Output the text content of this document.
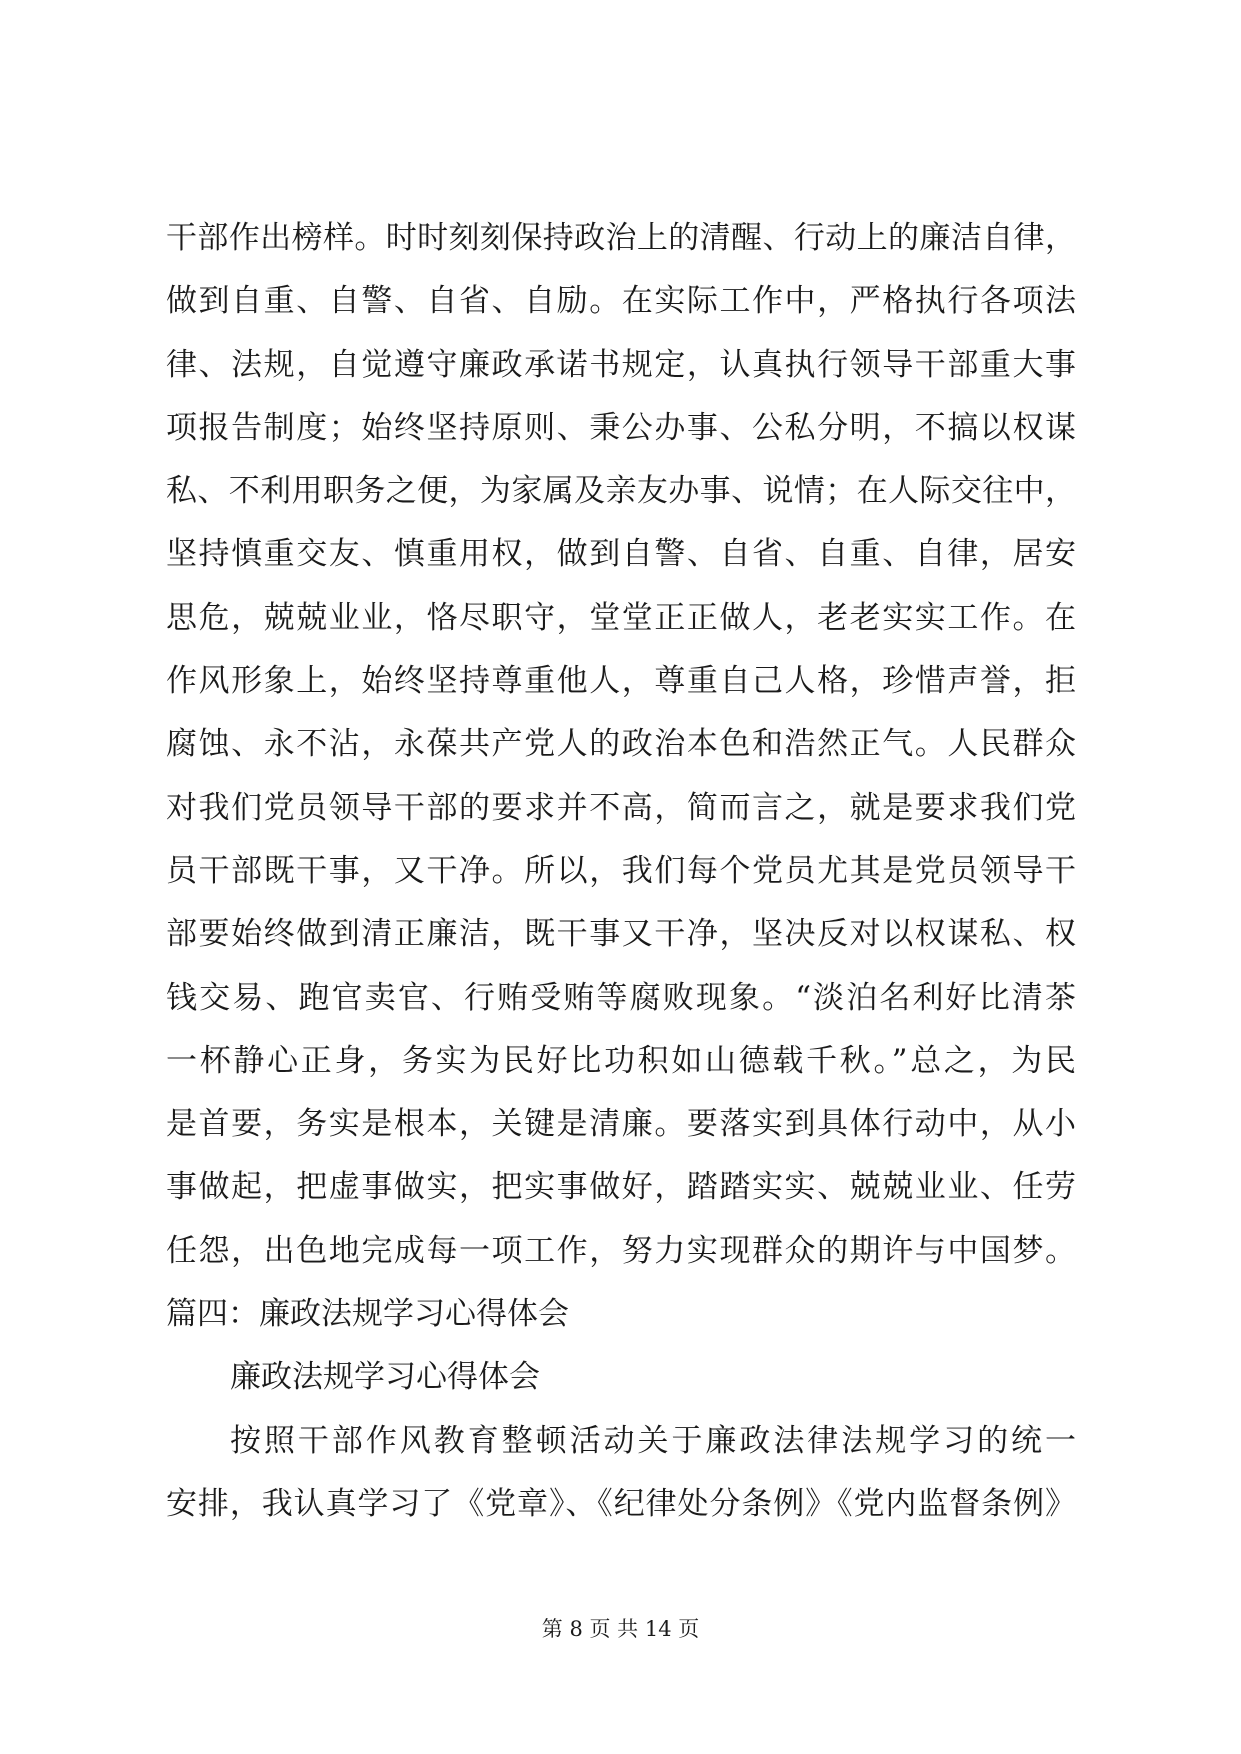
干部作出榜样。时时刻刻保持政治上的清醒、行动上的廉洁自律，
做到自重、自警、自省、自励。在实际工作中，严格执行各项法
律、法规，自觉遵守廉政承诺书规定，认真执行领导干部重大事
项报告制度；始终坚持原则、秉公办事、公私分明，不搞以权谋
私、不利用职务之便，为家属及亲友办事、说情；在人际交往中，
坚持慎重交友、慎重用权，做到自警、自省、自重、自律，居安
思危，兢兢业业，恪尽职守，堂堂正正做人，老老实实工作。在
作风形象上，始终坚持尊重他人，尊重自己人格，珍惜声誉，拒
腐蚀、永不沾，永葆共产党人的政治本色和浩然正气。人民群众
对我们党员领导干部的要求并不高，简而言之，就是要求我们党
员干部既干事，又干净。所以，我们每个党员尤其是党员领导干
部要始终做到清正廉洁，既干事又干净，坚决反对以权谋私、权
钱交易、跑官卖官、行贿受贿等腐败现象。“淡泊名利好比清茶
一杯静心正身，务实为民好比功积如山德载千秋。”总之，为民
是首要，务实是根本，关键是清廉。要落实到具体行动中，从小
事做起，把虚事做实，把实事做好，踏踏实实、兢兢业业、任劳
任怨，出色地完成每一项工作，努力实现群众的期许与中国梦。
篇四：廉政法规学习心得体会
廉政法规学习心得体会
按照干部作风教育整顿活动关于廉政法律法规学习的统一
安排，我认真学习了《党章》、《纪律处分条例》《党内监督条例》
第 8 页 共 14 页
